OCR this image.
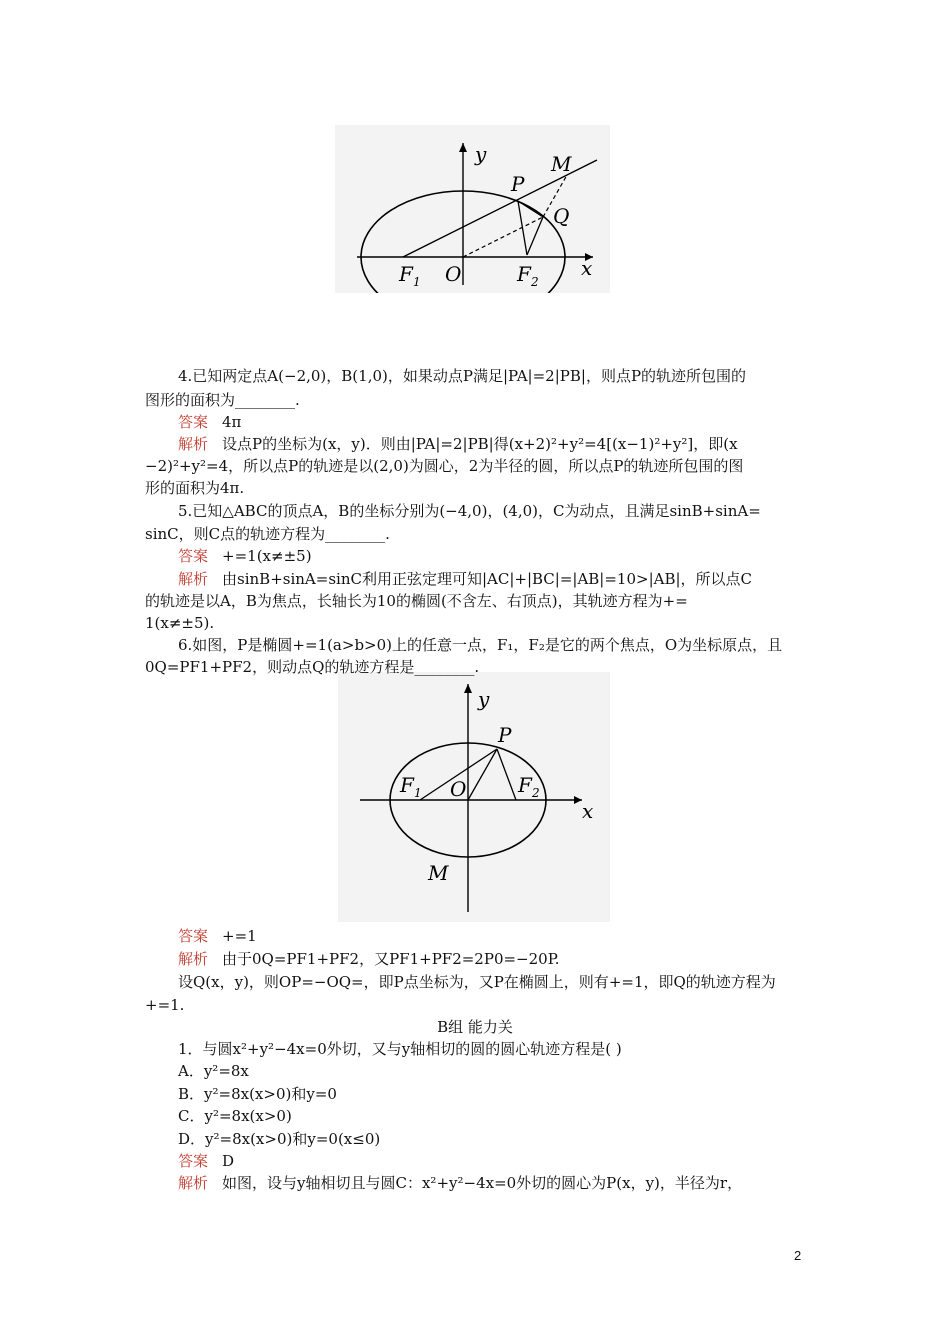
y
x
M
P
Q
F 1 O	F 2
y
x
P
F 1 O	F 2
M
4.已知两定点A(−2,0)，B(1,0)，如果动点P满足|PA|=2|PB|，则点P的轨迹所包围的
图形的面积为________.
答案 4π
解析 设点P的坐标为(x，y)．则由|PA|=2|PB|得(x+2)²+y²=4[(x−1)²+y²]，即(x
−2)²+y²=4，所以点P的轨迹是以(2,0)为圆心，2为半径的圆，所以点P的轨迹所包围的图
形的面积为4π.
5.已知△ABC的顶点A，B的坐标分别为(−4,0)，(4,0)，C为动点，且满足sinB+sinA=
sinC，则C点的轨迹方程为________.
答案 +=1(x≠±5)
解析 由sinB+sinA=sinC利用正弦定理可知|AC|+|BC|=|AB|=10>|AB|，所以点C
的轨迹是以A，B为焦点，长轴长为10的椭圆(不含左、右顶点)，其轨迹方程为+=
1(x≠±5).
6.如图，P是椭圆+=1(a>b>0)上的任意一点，F₁，F₂是它的两个焦点，O为坐标原点，且
0Q=PF1+PF2，则动点Q的轨迹方程是________.
答案 +=1
解析 由于0Q=PF1+PF2，又PF1+PF2=2P0=−20P.
设Q(x，y)，则OP=−OQ=，即P点坐标为，又P在椭圆上，则有+=1，即Q的轨迹方程为
+=1.
B组 能力关
1．与圆x²+y²−4x=0外切，又与y轴相切的圆的圆心轨迹方程是( )
A．y²=8x
B．y²=8x(x>0)和y=0
C．y²=8x(x>0)
D．y²=8x(x>0)和y=0(x≤0)
答案 D
解析 如图，设与y轴相切且与圆C：x²+y²−4x=0外切的圆心为P(x，y)，半径为r，
2
